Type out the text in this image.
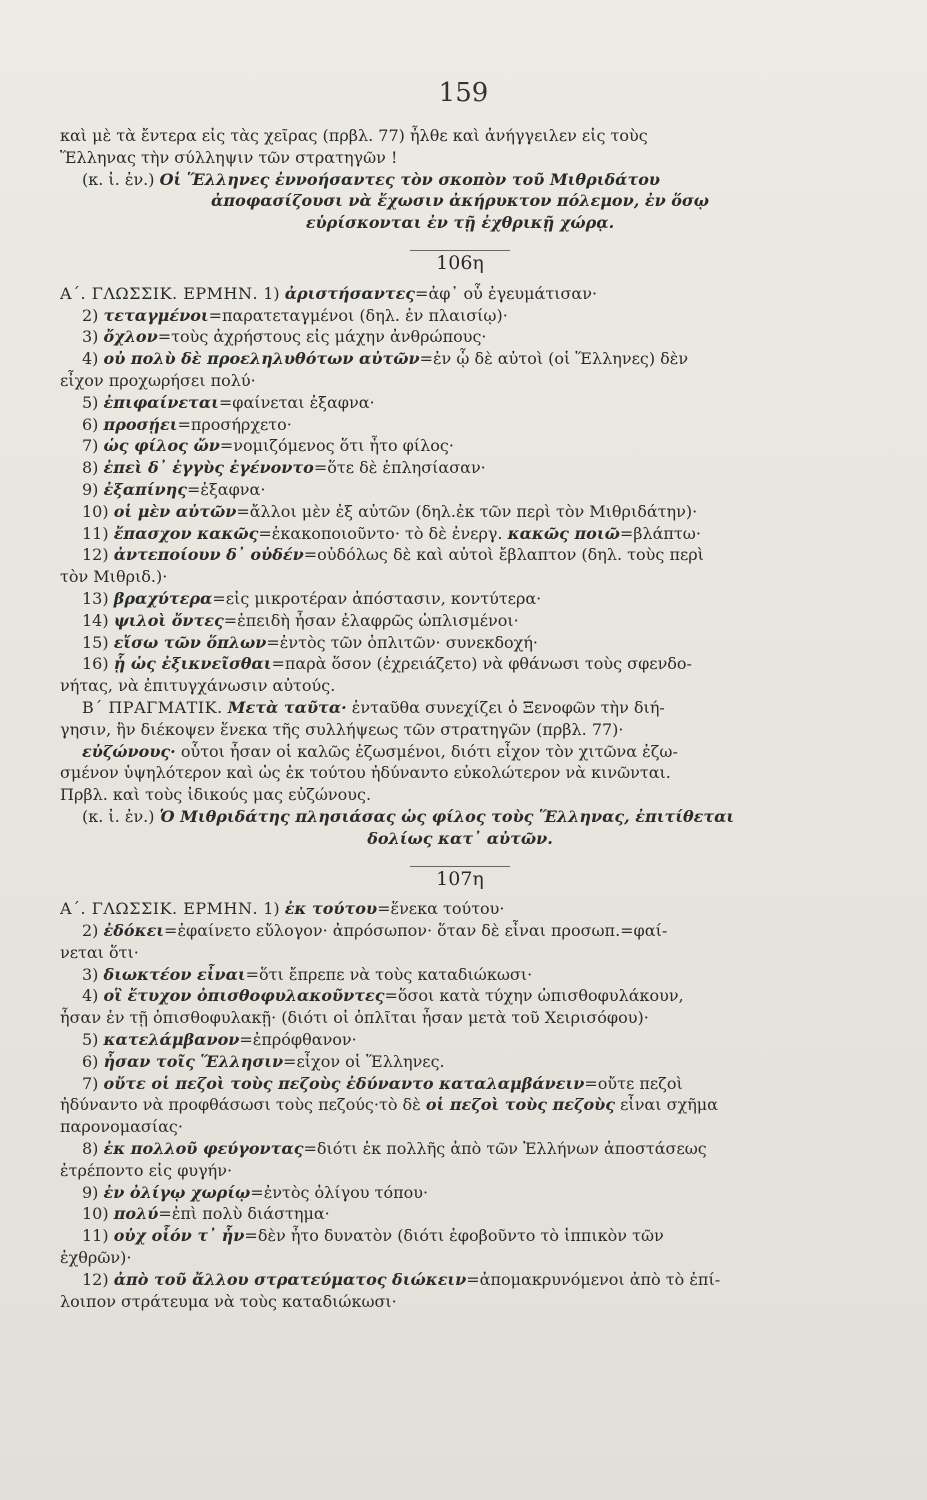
159
καὶ μὲ τὰ ἔντερα εἰς τὰς χεῖρας (πρβλ. 77) ἦλθε καὶ ἀνήγγειλεν εἰς τοὺς
Ἕλληνας τὴν σύλληψιν τῶν στρατηγῶν !
(κ. ἰ. ἐν.) Οἱ Ἕλληνες ἐννοήσαντες τὸν σκοπὸν τοῦ Μιθριδάτου
ἀποφασίζουσι νὰ ἔχωσιν ἀκήρυκτον πόλεμον, ἐν ὅσῳ
εὑρίσκονται ἐν τῇ ἐχθρικῇ χώρᾳ.
106η
Α΄. ΓΛΩΣΣΙΚ. ΕΡΜΗΝ. 1) ἀριστήσαντες=ἀφ᾽ οὗ ἐγευμάτισαν·
2) τεταγμένοι=παρατεταγμένοι (δηλ. ἐν πλαισίῳ)·
3) ὄχλον=τοὺς ἀχρήστους εἰς μάχην ἀνθρώπους·
4) οὐ πολὺ δὲ προεληλυθότων αὐτῶν=ἐν ᾧ δὲ αὐτοὶ (οἱ Ἕλληνες) δὲν
εἶχον προχωρήσει πολύ·
5) ἐπιφαίνεται=φαίνεται ἐξαφνα·
6) προσῄει=προσήρχετο·
7) ὡς φίλος ὤν=νομιζόμενος ὅτι ἦτο φίλος·
8) ἐπεὶ δ᾽ ἐγγὺς ἐγένοντο=ὅτε δὲ ἐπλησίασαν·
9) ἐξαπίνης=ἐξαφνα·
10) οἱ μὲν αὐτῶν=ἄλλοι μὲν ἐξ αὐτῶν (δηλ.ἐκ τῶν περὶ τὸν Μιθριδάτην)·
11) ἔπασχον κακῶς=ἐκακοποιοῦντο· τὸ δὲ ἐνεργ. κακῶς ποιῶ=βλάπτω·
12) ἀντεποίουν δ᾽ οὐδέν=οὐδόλως δὲ καὶ αὐτοὶ ἔβλαπτον (δηλ. τοὺς περὶ
τὸν Μιθριδ.)·
13) βραχύτερα=εἰς μικροτέραν ἀπόστασιν, κοντύτερα·
14) ψιλοὶ ὄντες=ἐπειδὴ ἦσαν ἐλαφρῶς ὡπλισμένοι·
15) εἴσω τῶν ὅπλων=ἐντὸς τῶν ὁπλιτῶν· συνεκδοχή·
16) ᾗ ὡς ἐξικνεῖσθαι=παρὰ ὅσον (ἐχρειάζετο) νὰ φθάνωσι τοὺς σφενδο-
νήτας, νὰ ἐπιτυγχάνωσιν αὐτούς.
Β΄ ΠΡΑΓΜΑΤΙΚ. Μετὰ ταῦτα· ἐνταῦθα συνεχίζει ὁ Ξενοφῶν τὴν διή-
γησιν, ἣν διέκοψεν ἕνεκα τῆς συλλήψεως τῶν στρατηγῶν (πρβλ. 77)·
εὐζώνους· οὗτοι ἦσαν οἱ καλῶς ἐζωσμένοι, διότι εἶχον τὸν χιτῶνα ἐζω-
σμένον ὑψηλότερον καὶ ὡς ἐκ τούτου ἠδύναντο εὐκολώτερον νὰ κινῶνται.
Πρβλ. καὶ τοὺς ἰδικούς μας εὐζώνους.
(κ. ἰ. ἐν.) Ὁ Μιθριδάτης πλησιάσας ὡς φίλος τοὺς Ἕλληνας, ἐπιτίθεται
δολίως κατ᾽ αὐτῶν.
107η
Α΄. ΓΛΩΣΣΙΚ. ΕΡΜΗΝ. 1) ἐκ τούτου=ἕνεκα τούτου·
2) ἐδόκει=ἐφαίνετο εὔλογον· ἀπρόσωπον· ὅταν δὲ εἶναι προσωπ.=φαί-
νεται ὅτι·
3) διωκτέον εἶναι=ὅτι ἔπρεπε νὰ τοὺς καταδιώκωσι·
4) οἳ ἔτυχον ὀπισθοφυλακοῦντες=ὅσοι κατὰ τύχην ὠπισθοφυλάκουν,
ἦσαν ἐν τῇ ὀπισθοφυλακῇ· (διότι οἱ ὁπλῖται ἦσαν μετὰ τοῦ Χειρισόφου)·
5) κατελάμβανον=ἐπρόφθανον·
6) ἦσαν τοῖς Ἕλλησιν=εἶχον οἱ Ἕλληνες.
7) οὔτε οἱ πεζοὶ τοὺς πεζοὺς ἐδύναντο καταλαμβάνειν=οὔτε πεζοὶ
ἠδύναντο νὰ προφθάσωσι τοὺς πεζούς·τὸ δὲ οἱ πεζοὶ τοὺς πεζοὺς εἶναι σχῆμα
παρονομασίας·
8) ἐκ πολλοῦ φεύγοντας=διότι ἐκ πολλῆς ἀπὸ τῶν Ἑλλήνων ἀποστάσεως
ἐτρέποντο εἰς φυγήν·
9) ἐν ὀλίγῳ χωρίῳ=ἐντὸς ὀλίγου τόπου·
10) πολύ=ἐπὶ πολὺ διάστημα·
11) οὐχ οἷόν τ᾽ ἦν=δὲν ἦτο δυνατὸν (διότι ἐφοβοῦντο τὸ ἱππικὸν τῶν
ἐχθρῶν)·
12) ἀπὸ τοῦ ἄλλου στρατεύματος διώκειν=ἀπομακρυνόμενοι ἀπὸ τὸ ἐπί-
λοιπον στράτευμα νὰ τοὺς καταδιώκωσι·
